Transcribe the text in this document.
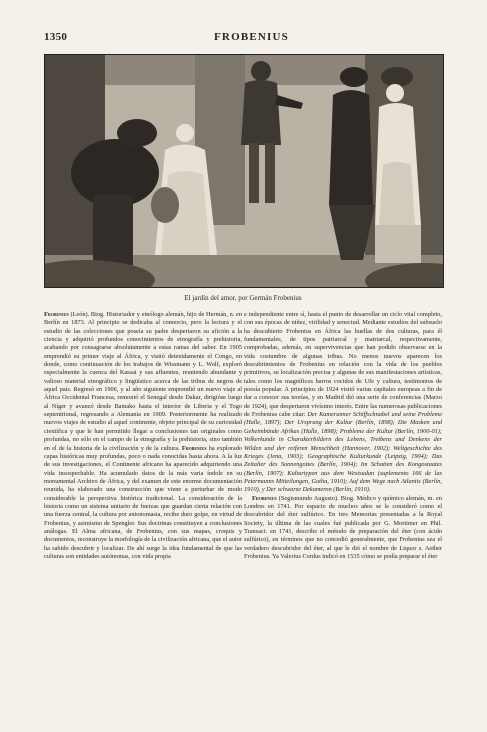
1350	FROBENIUS
El jardín del amor, por Germán Frobenius

Frobenius (León). Biog. Historiador y etnólogo alemán, hijo de Hermán, n. en Berlín en 1873. Al principio se dedicaba al comercio, pero la lectura y el estudio de las colecciones que poseía su padre despertaron su afición a la ciencia y adquirió profundos conocimientos de etnografía y prehistoria, acabando por consagrarse absolutamente a estas ramas del saber. En 1905 emprendió su primer viaje al África, y visitó detenidamente el Congo, en donde, como continuación de los trabajos de Wissmann y L. Wolf, exploró especialmente la cuenca del Kassai y sus afluentes, reuniendo abundante y valioso material etnográfico y lingüístico acerca de las tribus de negros de aquel país. Regresó en 1906, y al año siguiente emprendió un nuevo viaje al África Occidental Francesa, remontó el Senegal desde Dakar, dirigióse luego al Níger y avanzó desde Bamako hasta el interior de Liberia y el Togo septentrional, regresando a Alemania en 1909. Posteriormente ha realizado nuevos viajes de estudio al aquel continente, objeto principal de su curiosidad científica y que le han permitido llegar a conclusiones tan originales como profundas, no sólo en el campo de la etnografía y la prehistoria, sino también en el de la historia de la civilización y de la cultura. Frobenius ha explorado capas históricas muy profundas, poco o nada conocidas hasta ahora. A la luz de sus investigaciones, el Continente africano ha aparecido adquiriendo una vida insospechable. Ha acumulado datos de la más varia índole en su monumental Archivo de África, y del examen de este enorme documentación reunida, ha elaborado una construcción que viene a perturbar de modo considerable la perspectiva histórica tradicional. La consideración de la historia como un sistema unitario de fuerzas que guardan cierta relación con una fuerza central, la cultura por antonomasia, recibe duro golpe, en virtud de Frobenius, y asimismo de Spengler. Sus doctrinas constituyen a conclusiones análogas. El Alma africana, de Frobenius, con sus mapas, croquis y documentos, reconstruye la morfología de la civilización africana, que el autor ha sabido descubrir y localizar. De ahí surge la idea fundamental de que las culturas son entidades autónomas, con vida propia

e independiente entre sí, hasta el punto de desarrollar un ciclo vital completo, con sus épocas de niñez, virilidad y senectud. Mediante estudios del subsuelo ha descubierto Frobenius en África las huellas de dos culturas, para él fundamentales, de tipos patriarcal y matriarcal, respectivamente, comprobadas, además, en supervivencias que han podido observarse en la vida costumbre de algunas tribus. No menos nuevos aparecen los descubrimientos de Frobenius en relación con la vida de los pueblos primitivos, su localización precisa y algunas de sus manifestaciones artísticas, tales como los magníficos barros cocidos de Ufe y cultura, testimonios de poesía popular. A principios de 1924 visitó varias capitales europeas a fin de dar a conocer sus teorías, y en Madrid dió una serie de conferencias (Marzo de 1924), que despertaron vivísimo interés. Entre las numerosas publicaciones de Frobenius cabe citar: Der Kamerunner Schiffschnabel und seine Probleme (Halle, 1897); Der Ursprung der Kultur (Berlín, 1898); Die Masken und Geheimbünde Afrikas (Halle, 1898); Probleme der Kultur (Berlín, 1900-01); Volkerkunde in Charakterbildern des Lebens, Treibens und Denkens der Wilden und der reiferen Menschheit (Hannover, 1902); Weltgeschichte des Krieges (Jena, 1903); Geographische Kulturkunde (Leipzig, 1904); Das Zeitalter des Sonnengottes (Berlín, 1904); Im Schatten des Kongostaates (Berlín, 1907); Kulturtypen aus dem Westsudan (suplemento 166 de las Petermanns Mitteilungen, Gotha, 1910); Auf dem Wege nach Atlantis (Berlín, 1910), y Der schwarze Dekameron (Berlín, 1910).

Frobenius (Segismundo Augusto). Biog. Médico y químico alemán, m. en Londres en 1741. Por espacio de muchos años se le consideró como el descubridor del éter sulfúrico. En tres Memorias presentadas a la Royal Society, la última de las cuales fué publicada por G. Mortimer en Phil. Transact. en 1741, describe el método de preparación del éter (con ácido sulfúrico), en términos que no concedió generalmente, que Frobenius sea el verdadero descubridor del éter, al que le dió el nombre de Liquor s. Aether Frobenius. Ya Valerius Cordus indicó en 1535 cómo se podía preparar el éter
